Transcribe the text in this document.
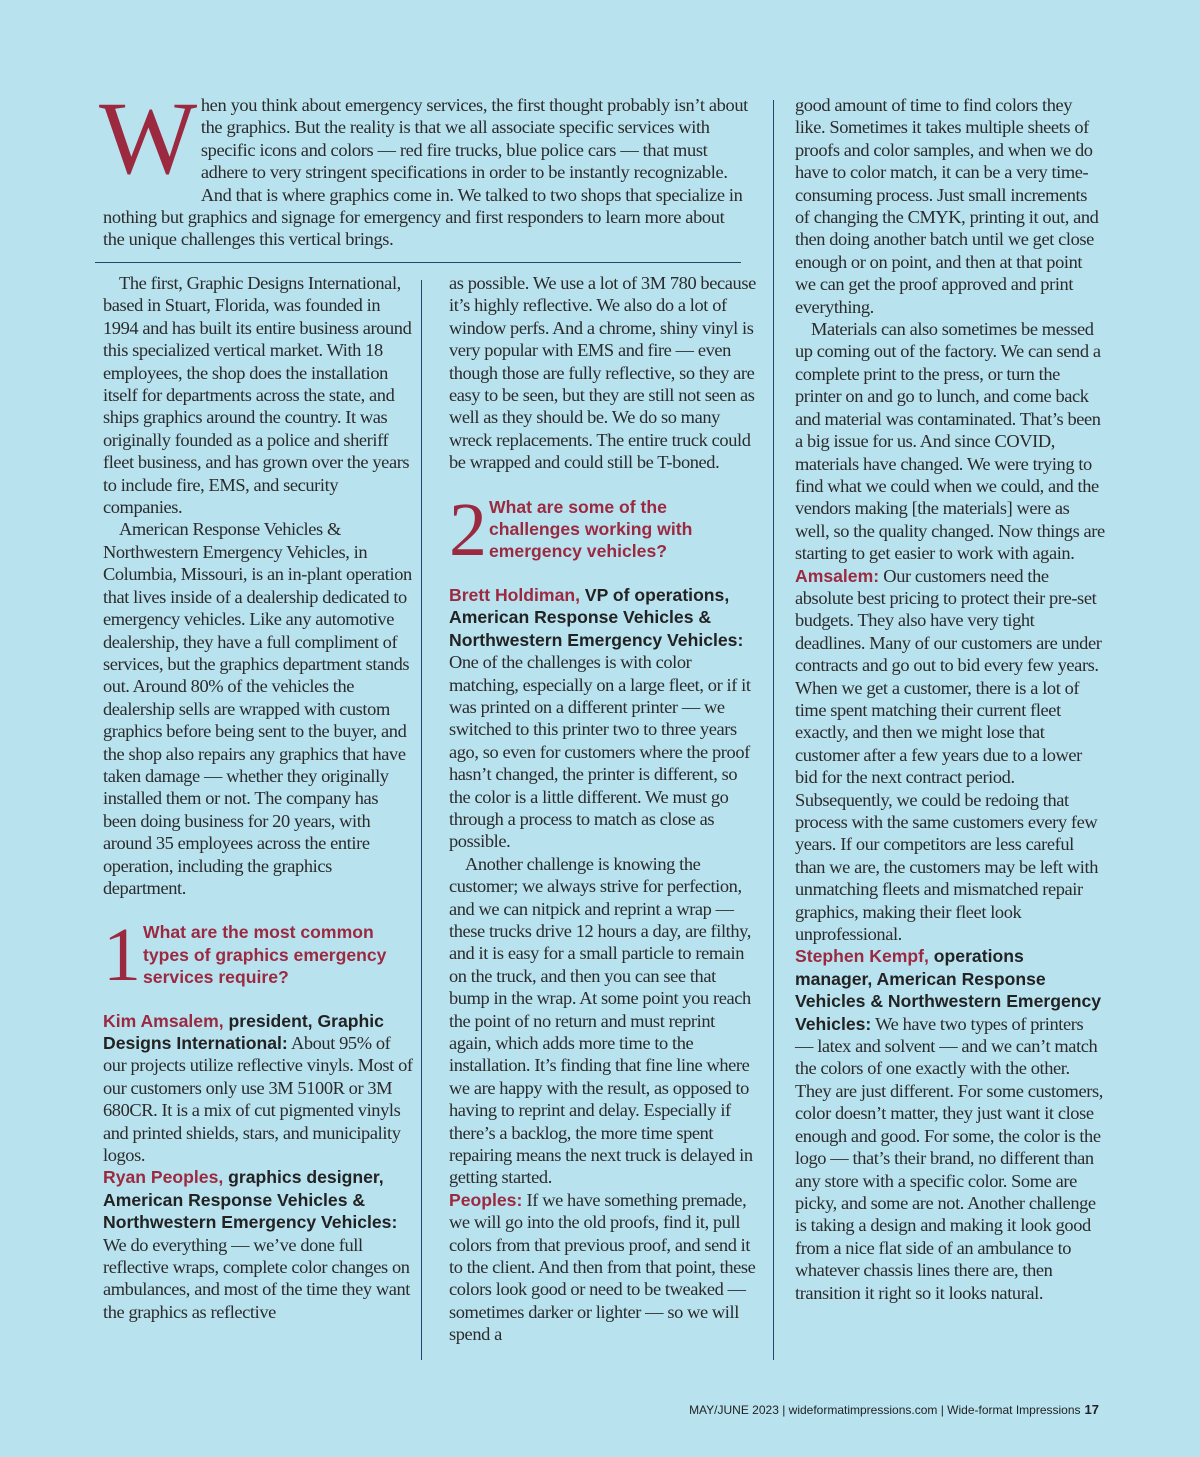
When you think about emergency services, the first thought probably isn’t about the graphics. But the reality is that we all associate specific services with specific icons and colors — red fire trucks, blue police cars — that must adhere to very stringent specifications in order to be instantly recognizable. And that is where graphics come in. We talked to two shops that specialize in nothing but graphics and signage for emergency and first responders to learn more about the unique challenges this vertical brings.

The first, Graphic Designs International, based in Stuart, Florida, was founded in 1994 and has built its entire business around this specialized vertical market. With 18 employees, the shop does the installation itself for departments across the state, and ships graphics around the country. It was originally founded as a police and sheriff fleet business, and has grown over the years to include fire, EMS, and security companies.

American Response Vehicles & Northwestern Emergency Vehicles, in Columbia, Missouri, is an in-plant operation that lives inside of a dealership dedicated to emergency vehicles. Like any automotive dealership, they have a full compliment of services, but the graphics department stands out. Around 80% of the vehicles the dealership sells are wrapped with custom graphics before being sent to the buyer, and the shop also repairs any graphics that have taken damage — whether they originally installed them or not. The company has been doing business for 20 years, with around 35 employees across the entire operation, including the graphics department.

1 What are the most common types of graphics emergency services require?

Kim Amsalem, president, Graphic Designs International: About 95% of our projects utilize reflective vinyls. Most of our customers only use 3M 5100R or 3M 680CR. It is a mix of cut pigmented vinyls and printed shields, stars, and municipality logos.

Ryan Peoples, graphics designer, American Response Vehicles & Northwestern Emergency Vehicles: We do everything — we’ve done full reflective wraps, complete color changes on ambulances, and most of the time they want the graphics as reflective

as possible. We use a lot of 3M 780 because it’s highly reflective. We also do a lot of window perfs. And a chrome, shiny vinyl is very popular with EMS and fire — even though those are fully reflective, so they are easy to be seen, but they are still not seen as well as they should be. We do so many wreck replacements. The entire truck could be wrapped and could still be T-boned.

2 What are some of the challenges working with emergency vehicles?

Brett Holdiman, VP of operations, American Response Vehicles & Northwestern Emergency Vehicles: One of the challenges is with color matching, especially on a large fleet, or if it was printed on a different printer — we switched to this printer two to three years ago, so even for customers where the proof hasn’t changed, the printer is different, so the color is a little different. We must go through a process to match as close as possible.

Another challenge is knowing the customer; we always strive for perfection, and we can nitpick and reprint a wrap — these trucks drive 12 hours a day, are filthy, and it is easy for a small particle to remain on the truck, and then you can see that bump in the wrap. At some point you reach the point of no return and must reprint again, which adds more time to the installation. It’s finding that fine line where we are happy with the result, as opposed to having to reprint and delay. Especially if there’s a backlog, the more time spent repairing means the next truck is delayed in getting started.

Peoples: If we have something premade, we will go into the old proofs, find it, pull colors from that previous proof, and send it to the client. And then from that point, these colors look good or need to be tweaked — sometimes darker or lighter — so we will spend a

good amount of time to find colors they like. Sometimes it takes multiple sheets of proofs and color samples, and when we do have to color match, it can be a very time-consuming process. Just small increments of changing the CMYK, printing it out, and then doing another batch until we get close enough or on point, and then at that point we can get the proof approved and print everything.

Materials can also sometimes be messed up coming out of the factory. We can send a complete print to the press, or turn the printer on and go to lunch, and come back and material was contaminated. That’s been a big issue for us. And since COVID, materials have changed. We were trying to find what we could when we could, and the vendors making [the materials] were as well, so the quality changed. Now things are starting to get easier to work with again.

Amsalem: Our customers need the absolute best pricing to protect their pre-set budgets. They also have very tight deadlines. Many of our customers are under contracts and go out to bid every few years. When we get a customer, there is a lot of time spent matching their current fleet exactly, and then we might lose that customer after a few years due to a lower bid for the next contract period. Subsequently, we could be redoing that process with the same customers every few years. If our competitors are less careful than we are, the customers may be left with unmatching fleets and mismatched repair graphics, making their fleet look unprofessional.

Stephen Kempf, operations manager, American Response Vehicles & Northwestern Emergency Vehicles: We have two types of printers — latex and solvent — and we can’t match the colors of one exactly with the other. They are just different. For some customers, color doesn’t matter, they just want it close enough and good. For some, the color is the logo — that’s their brand, no different than any store with a specific color. Some are picky, and some are not. Another challenge is taking a design and making it look good from a nice flat side of an ambulance to whatever chassis lines there are, then transition it right so it looks natural.

MAY/JUNE 2023 | wideformatimpressions.com | Wide-format Impressions 17
